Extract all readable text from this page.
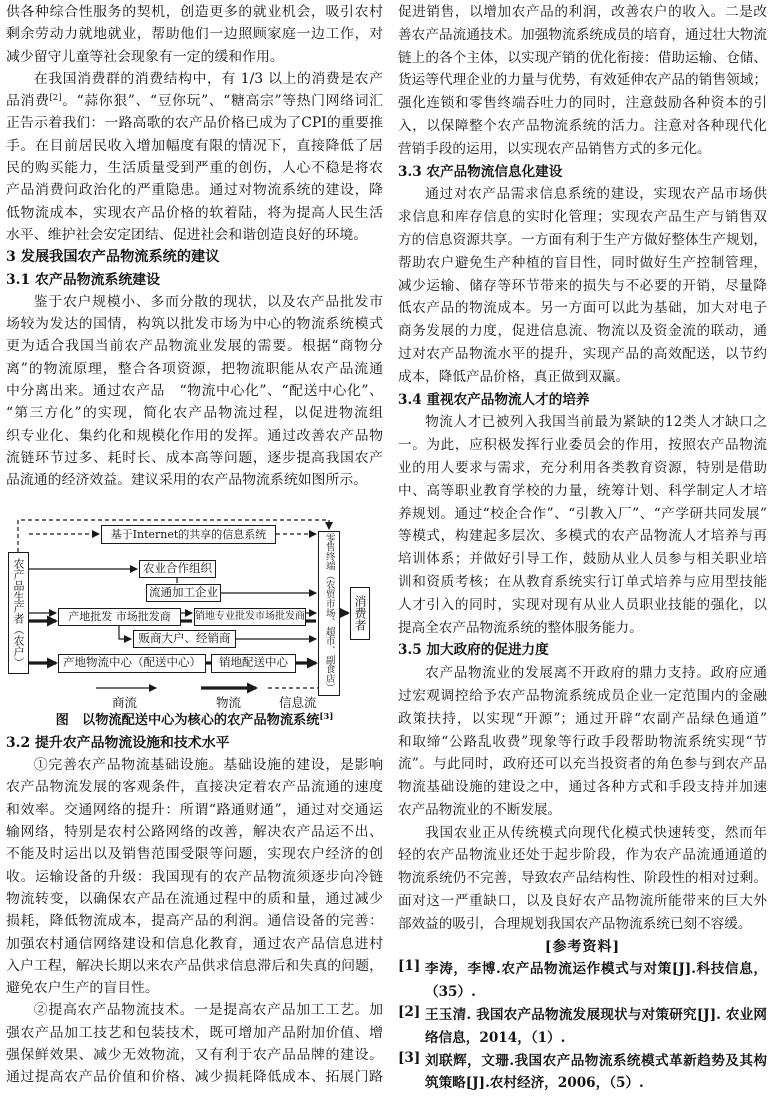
供各种综合性服务的契机，创造更多的就业机会，吸引农村
剩余劳动力就地就业，帮助他们一边照顾家庭一边工作，对
减少留守儿童等社会现象有一定的缓和作用。
在我国消费群的消费结构中，有 1/3 以上的消费是农产
品消费[2]。“蒜你狠”、“豆你玩”、“糖高宗”等热门网络词汇
正告示着我们：一路高歌的农产品价格已成为了CPI的重要推
手。在目前居民收入增加幅度有限的情况下，直接降低了居
民的购买能力，生活质量受到严重的创伤，人心不稳是将农
产品消费问政治化的严重隐患。通过对物流系统的建设，降
低物流成本，实现农产品价格的软着陆，将为提高人民生活
水平、维护社会安定团结、促进社会和谐创造良好的环境。
3 发展我国农产品物流系统的建议
3.1 农产品物流系统建设
鉴于农户规模小、多而分散的现状，以及农产品批发市
场较为发达的国情，构筑以批发市场为中心的物流系统模式
更为适合我国当前农产品物流业发展的需要。根据“商物分
离”的物流原理，整合各项资源，把物流职能从农产品流通
中分离出来。通过农产品　“物流中心化”、“配送中心化”、
“第三方化”的实现，简化农产品物流过程，以促进物流组
织专业化、集约化和规模化作用的发挥。通过改善农产品物
流链环节过多、耗时长、成本高等问题，逐步提高我国农产
品流通的经济效益。建议采用的农产品物流系统如图所示。
基于Internet的共享的信息系统
农产品生产者（农户）	农业合作组织
流通加工企业
产地批发 市场批发商	销地专业批发市场批发商
贩商大户、经销商
产地物流中心（配送中心）	销地配送中心	零售终端（农贸市场、超市、副食店）	消费者
商流	物流	信息流
图　以物流配送中心为核心的农产品物流系统[3]
3.2 提升农产品物流设施和技术水平
①完善农产品物流基础设施。基础设施的建设，是影响
农产品物流发展的客观条件，直接决定着农产品流通的速度
和效率。交通网络的提升：所谓“路通财通”，通过对交通运
输网络，特别是农村公路网络的改善，解决农产品运不出、
不能及时运出以及销售范围受限等问题，实现农户经济的创
收。运输设备的升级：我国现有的农产品物流须逐步向冷链
物流转变，以确保农产品在流通过程中的质和量，通过减少
损耗，降低物流成本，提高产品的利润。通信设备的完善：
加强农村通信网络建设和信息化教育，通过农产品信息进村
入户工程，解决长期以来农产品供求信息滞后和失真的问题，
避免农户生产的盲目性。
②提高农产品物流技术。一是提高农产品加工工艺。加
强农产品加工技艺和包装技术，既可增加产品附加价值、增
强保鲜效果、减少无效物流，又有利于农产品品牌的建设。
通过提高农产品价值和价格、减少损耗降低成本、拓展门路
促进销售，以增加农产品的利润，改善农户的收入。二是改
善农产品流通技术。加强物流系统成员的培育，通过壮大物流
链上的各个主体，以实现产销的优化衔接：借助运输、仓储、
货运等代理企业的力量与优势，有效延伸农产品的销售领域；
强化连锁和零售终端吞吐力的同时，注意鼓励各种资本的引
入，以保障整个农产品物流系统的活力。注意对各种现代化
营销手段的运用，以实现农产品销售方式的多元化。
3.3 农产品物流信息化建设
通过对农产品需求信息系统的建设，实现农产品市场供
求信息和库存信息的实时化管理；实现农产品生产与销售双
方的信息资源共享。一方面有利于生产方做好整体生产规划，
帮助农户避免生产种植的盲目性，同时做好生产控制管理，
减少运输、储存等环节带来的损失与不必要的开销，尽量降
低农产品的物流成本。另一方面可以此为基础，加大对电子
商务发展的力度，促进信息流、物流以及资金流的联动，通
过对农产品物流水平的提升，实现产品的高效配送，以节约
成本，降低产品价格，真正做到双赢。
3.4 重视农产品物流人才的培养
物流人才已被列入我国当前最为紧缺的12类人才缺口之
一。为此，应积极发挥行业委员会的作用，按照农产品物流
业的用人要求与需求，充分利用各类教育资源，特别是借助
中、高等职业教育学校的力量，统筹计划、科学制定人才培
养规划。通过“校企合作”、“引教入厂”、“产学研共同发展”
等模式，构建起多层次、多模式的农产品物流人才培养与再
培训体系；并做好引导工作，鼓励从业人员参与相关职业培
训和资质考核；在从教育系统实行订单式培养与应用型技能
人才引入的同时，实现对现有从业人员职业技能的强化，以
提高全农产品物流系统的整体服务能力。
3.5 加大政府的促进力度
农产品物流业的发展离不开政府的鼎力支持。政府应通
过宏观调控给予农产品物流系统成员企业一定范围内的金融
政策扶持，以实现“开源”；通过开辟“农副产品绿色通道”
和取缔“公路乱收费”现象等行政手段帮助物流系统实现“节
流”。与此同时，政府还可以充当投资者的角色参与到农产品
物流基础设施的建设之中，通过各种方式和手段支持并加速
农产品物流业的不断发展。
我国农业正从传统模式向现代化模式快速转变，然而年
轻的农产品物流业还处于起步阶段，作为农产品流通通道的
物流系统仍不完善，导致农产品结构性、阶段性的相对过剩。
面对这一严重缺口，以及良好农产品物流所能带来的巨大外
部效益的吸引，合理规划我国农产品物流系统已刻不容缓。
[参考资料]
[1] 李涛，李博.农产品物流运作模式与对策[J].科技信息，
（35）.
[2] 王玉清. 我国农产品物流发展现状与对策研究[J]. 农业网
络信息，2014，（1）.
[3] 刘联辉，文珊.我国农产品物流系统模式革新趋势及其构
筑策略[J].农村经济，2006，（5）.
